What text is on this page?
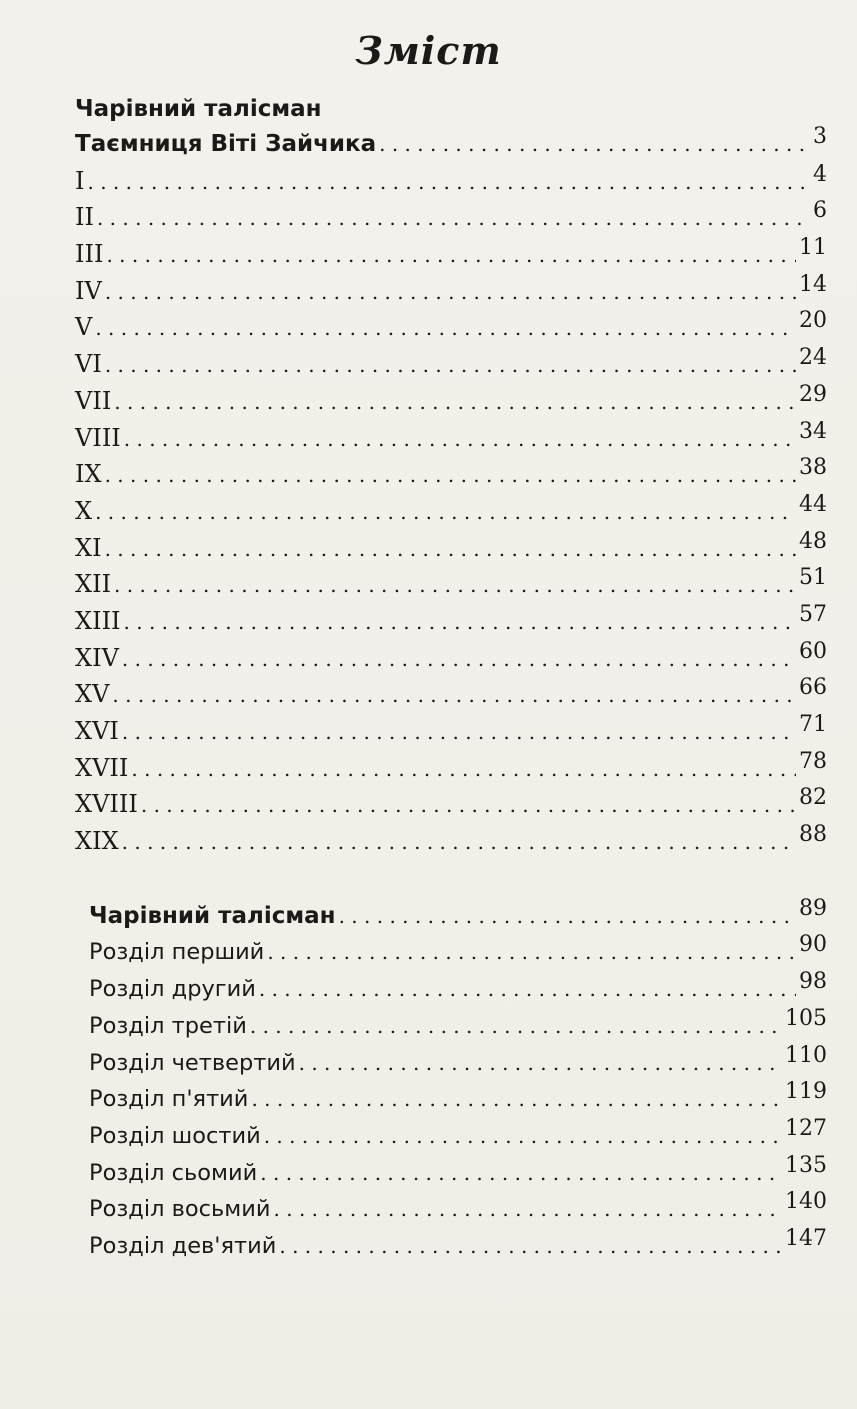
Зміст
Чарівний талісман
Таємниця Віті Зайчика . . .	3
I . . .	4
II . . .	6
III . . .	11
IV . . .	14
V . . .	20
VI . . .	24
VII . . .	29
VIII . . .	34
IX . . .	38
X . . .	44
XI . . .	48
XII . . .	51
XIII . . .	57
XIV . . .	60
XV . . .	66
XVI . . .	71
XVII . . .	78
XVIII . . .	82
XIX . . .	88
Чарівний талісман . . .	89
Розділ перший . . .	90
Розділ другий . . .	98
Розділ третій . . .	105
Розділ четвертий . . .	110
Розділ п'ятий . . .	119
Розділ шостий . . .	127
Розділ сьомий . . .	135
Розділ восьмий . . .	140
Розділ дев'ятий . . .	147
